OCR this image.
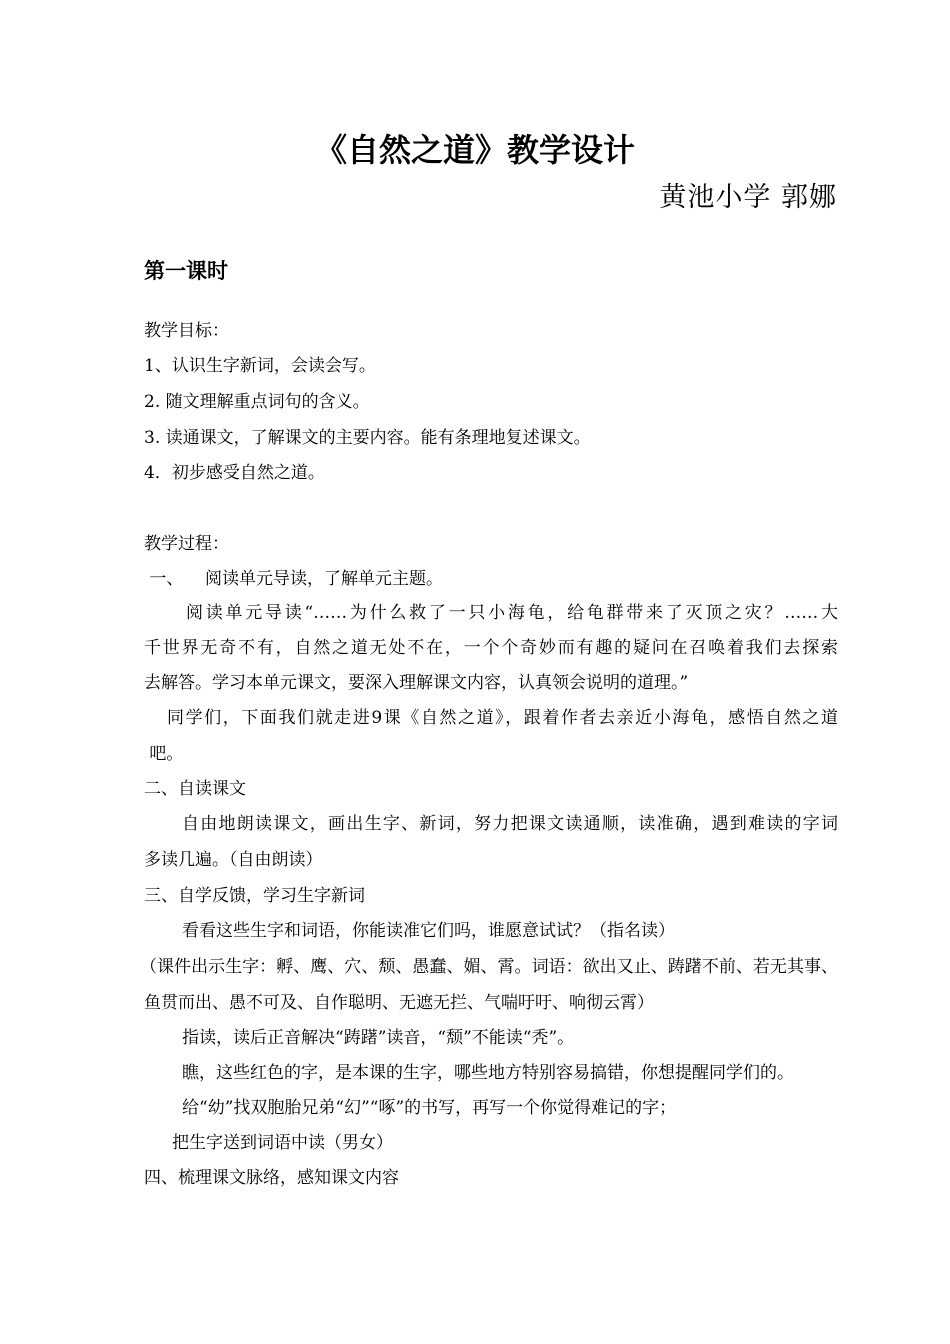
《自然之道》教学设计
黄池小学 郭娜
第一课时
教学目标：
1、认识生字新词，会读会写。
2. 随文理解重点词句的含义。
3. 读通课文，了解课文的主要内容。能有条理地复述课文。
4．初步感受自然之道。
教学过程：
一、    阅读单元导读，了解单元主题。
阅读单元导读“……为什么救了一只小海龟，给龟群带来了灭顶之灾？……大
千世界无奇不有，自然之道无处不在，一个个奇妙而有趣的疑问在召唤着我们去探索
去解答。学习本单元课文，要深入理解课文内容，认真领会说明的道理。”
同学们，下面我们就走进9课《自然之道》，跟着作者去亲近小海龟，感悟自然之道
吧。
二、自读课文
自由地朗读课文，画出生字、新词，努力把课文读通顺，读准确，遇到难读的字词
多读几遍。（自由朗读）
三、自学反馈，学习生字新词
看看这些生字和词语，你能读准它们吗，谁愿意试试？（指名读）
（课件出示生字：孵、鹰、穴、颓、愚蠢、媚、霄。词语：欲出又止、踌躇不前、若无其事、
鱼贯而出、愚不可及、自作聪明、无遮无拦、气喘吁吁、响彻云霄）
指读，读后正音解决“踌躇”读音，“颓”不能读“秃”。
瞧，这些红色的字，是本课的生字，哪些地方特别容易搞错，你想提醒同学们的。
给“幼”找双胞胎兄弟“幻”“啄”的书写，再写一个你觉得难记的字；
把生字送到词语中读（男女）
四、梳理课文脉络，感知课文内容
